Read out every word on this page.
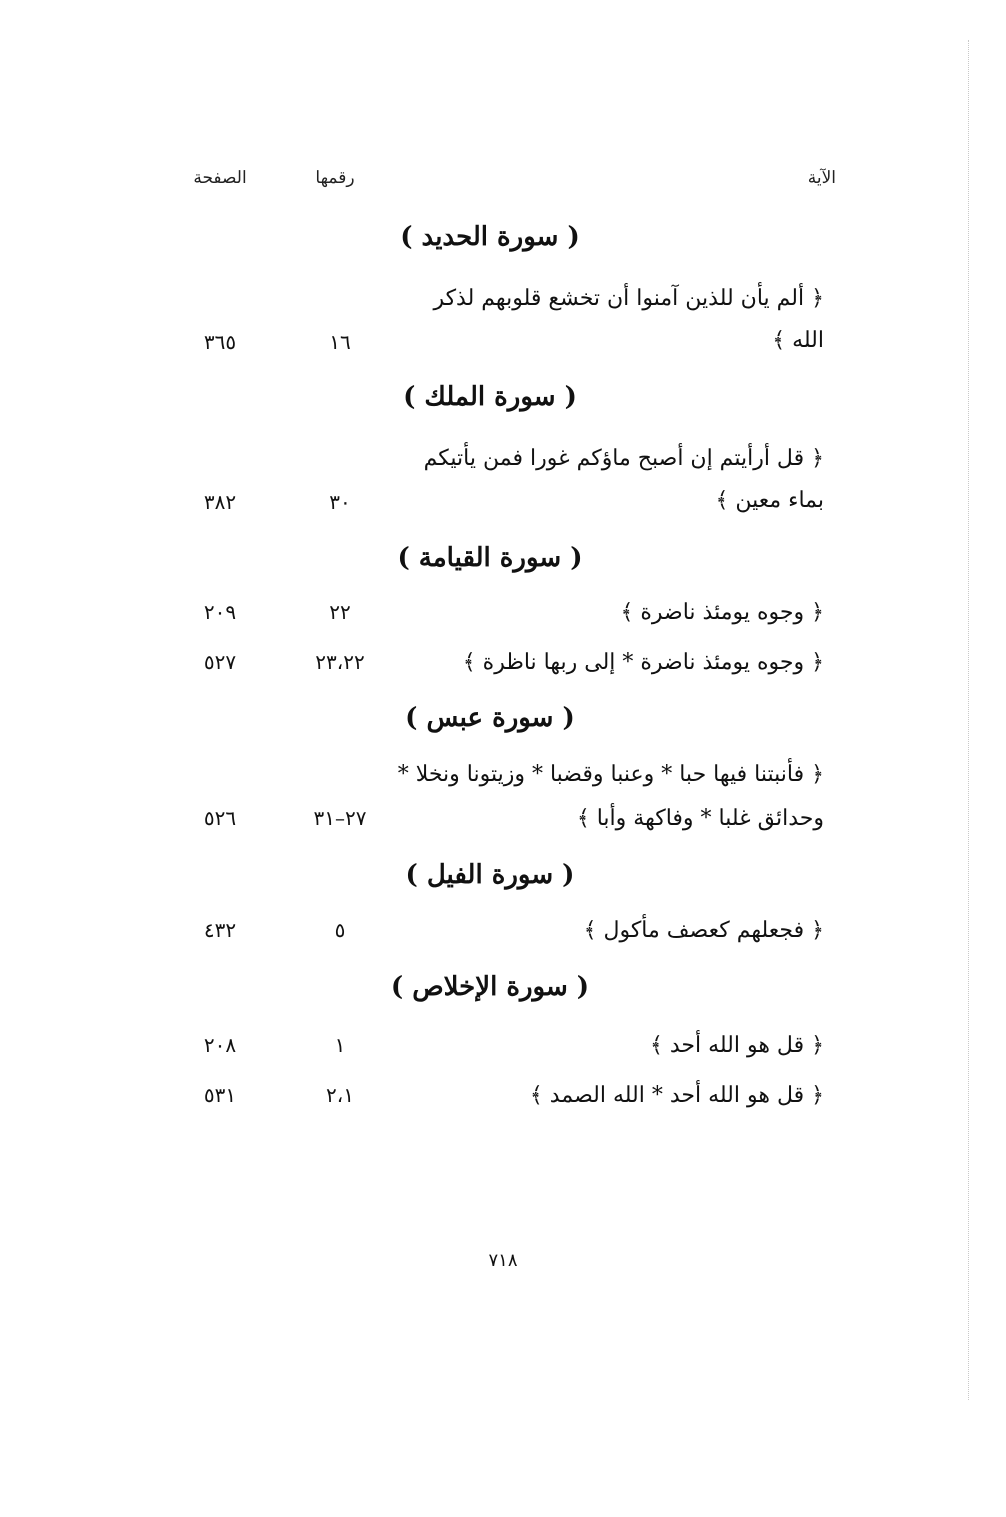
الآية
رقمها
الصفحة
( سورة الحديد )
﴿ ألم يأن للذين آمنوا أن تخشع قلوبهم لذكر
الله ﴾
١٦
٣٦٥
( سورة الملك )
﴿ قل أرأيتم إن أصبح ماؤكم غورا فمن يأتيكم
بماء معين ﴾
٣٠
٣٨٢
( سورة القيامة )
﴿ وجوه يومئذ ناضرة ﴾
٢٢
٢٠٩
﴿ وجوه يومئذ ناضرة * إلى ربها ناظرة ﴾
٢٣،٢٢
٥٢٧
( سورة عبس )
﴿ فأنبتنا فيها حبا * وعنبا وقضبا * وزيتونا ونخلا *
وحدائق غلبا * وفاكهة وأبا ﴾
٢٧–٣١
٥٢٦
( سورة الفيل )
﴿ فجعلهم كعصف مأكول ﴾
٥
٤٣٢
( سورة الإخلاص )
﴿ قل هو الله أحد ﴾
١
٢٠٨
﴿ قل هو الله أحد * الله الصمد ﴾
٢،١
٥٣١
٧١٨
